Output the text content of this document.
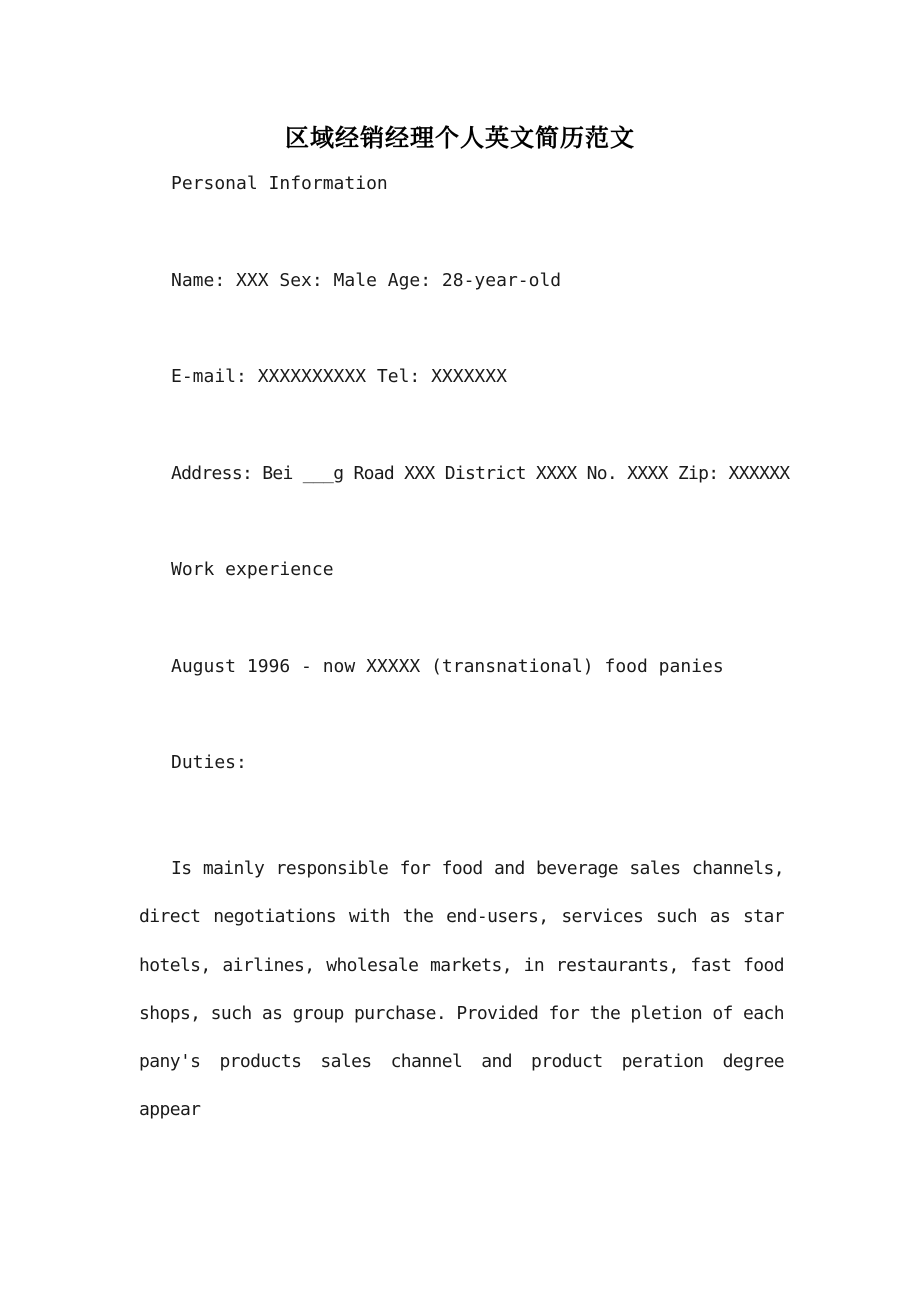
区域经销经理个人英文简历范文
Personal Information
Name: XXX Sex: Male Age: 28-year-old
E-mail: XXXXXXXXXX Tel: XXXXXXX
Address: Bei ___g Road XXX District XXXX No. XXXX Zip: XXXXXX
Work experience
August 1996 - now XXXXX (transnational) food panies
Duties:
Is mainly responsible for food and beverage sales channels, direct negotiations with the end-users, services such as star hotels, airlines, wholesale markets, in restaurants, fast food shops, such as group purchase. Provided for the pletion of each pany's products sales channel and product peration degree appear
